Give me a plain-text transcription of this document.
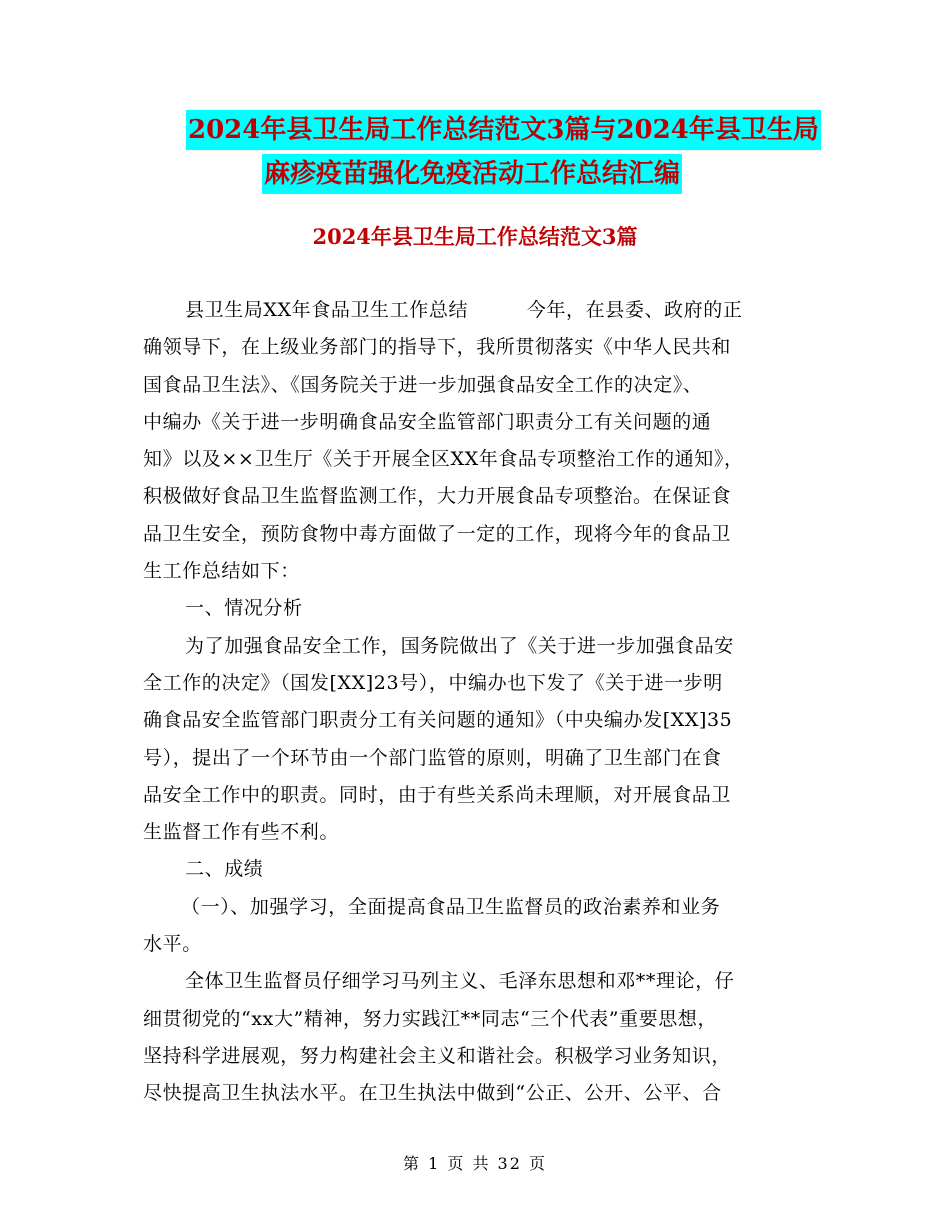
2024年县卫生局工作总结范文3篇与2024年县卫生局
麻疹疫苗强化免疫活动工作总结汇编
2024年县卫生局工作总结范文3篇
县卫生局XX年食品卫生工作总结　　　今年，在县委、政府的正
确领导下，在上级业务部门的指导下，我所贯彻落实《中华人民共和
国食品卫生法》、《国务院关于进一步加强食品安全工作的决定》、
中编办《关于进一步明确食品安全监管部门职责分工有关问题的通
知》以及××卫生厅《关于开展全区XX年食品专项整治工作的通知》，
积极做好食品卫生监督监测工作，大力开展食品专项整治。在保证食
品卫生安全，预防食物中毒方面做了一定的工作，现将今年的食品卫
生工作总结如下：
一、情况分析
为了加强食品安全工作，国务院做出了《关于进一步加强食品安
全工作的决定》（国发[XX]23号），中编办也下发了《关于进一步明
确食品安全监管部门职责分工有关问题的通知》（中央编办发[XX]35
号），提出了一个环节由一个部门监管的原则，明确了卫生部门在食
品安全工作中的职责。同时，由于有些关系尚未理顺，对开展食品卫
生监督工作有些不利。
二、成绩
（一）、加强学习，全面提高食品卫生监督员的政治素养和业务
水平。
全体卫生监督员仔细学习马列主义、毛泽东思想和邓**理论，仔
细贯彻党的“xx大”精神，努力实践江**同志“三个代表”重要思想，
坚持科学进展观，努力构建社会主义和谐社会。积极学习业务知识，
尽快提高卫生执法水平。在卫生执法中做到“公正、公开、公平、合
第 1 页 共 32 页
